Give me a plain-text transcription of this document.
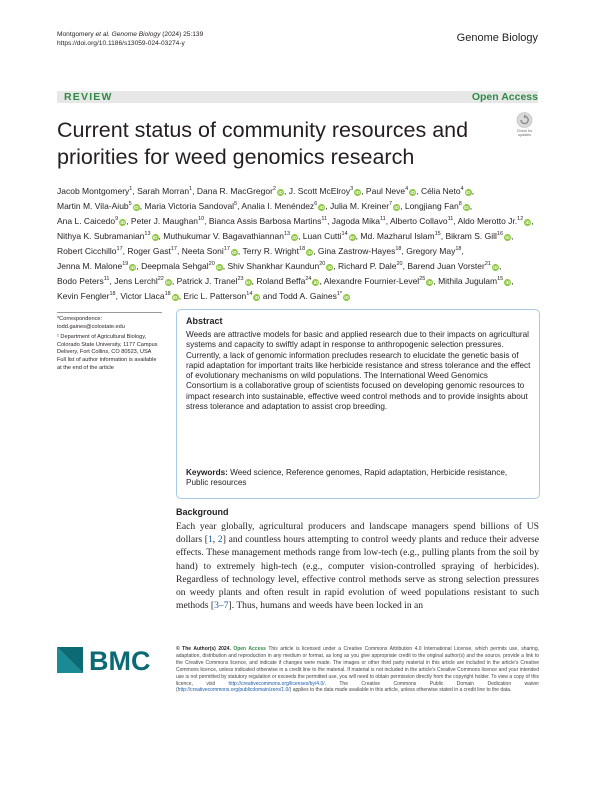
Montgomery et al. Genome Biology (2024) 25:139
https://doi.org/10.1186/s13059-024-03274-y	Genome Biology
REVIEW	Open Access
Check for
updates
Current status of community resources and priorities for weed genomics research
Jacob Montgomery$^1$, Sarah Morran$^1$, Dana R. MacGregor$^2$iD, J. Scott McElroy$^3$iD, Paul Neve$^4$iD, Célia Neto$^4$iD, Martin M. Vila-Aiub$^5$iD, Maria Victoria Sandoval$^5$, Analia I. Menéndez$^6$iD, Julia M. Kreiner$^7$iD, Longjiang Fan$^8$iD, Ana L. Caicedo$^9$iD, Peter J. Maughan$^{10}$, Bianca Assis Barbosa Martins$^{11}$, Jagoda Mika$^{11}$, Alberto Collavo$^{11}$, Aldo Merotto Jr.$^{12}$iD, Nithya K. Subramanian$^{13}$iD, Muthukumar V. Bagavathiannan$^{13}$iD, Luan Cutti$^{14}$iD, Md. Mazharul Islam$^{15}$, Bikram S. Gill$^{16}$iD, Robert Cicchillo$^{17}$, Roger Gast$^{17}$, Neeta Soni$^{17}$iD, Terry R. Wright$^{18}$iD, Gina Zastrow-Hayes$^{18}$, Gregory May$^{18}$, Jenna M. Malone$^{19}$iD, Deepmala Sehgal$^{20}$iD, Shiv Shankhar Kaundun$^{20}$iD, Richard P. Dale$^{20}$, Barend Juan Vorster$^{21}$iD, Bodo Peters$^{11}$, Jens Lerchl$^{22}$iD, Patrick J. Tranel$^{23}$iD, Roland Beffa$^{24}$iD, Alexandre Fournier-Level$^{25}$iD, Mithila Jugulam$^{15}$iD, Kevin Fengler$^{18}$, Victor Llaca$^{18}$iD, Eric L. Patterson$^{14}$iD and Todd A. Gaines$^{1*}$iD
*Correspondence:
todd.gaines@colostate.edu
¹ Department of Agricultural Biology, Colorado State University, 1177 Campus Delivery, Fort Collins, CO 80523, USA
Full list of author information is available at the end of the article
Abstract
Weeds are attractive models for basic and applied research due to their impacts on agricultural systems and capacity to swiftly adapt in response to anthropogenic selection pressures. Currently, a lack of genomic information precludes research to elucidate the genetic basis of rapid adaptation for important traits like herbicide resistance and stress tolerance and the effect of evolutionary mechanisms on wild populations. The International Weed Genomics Consortium is a collaborative group of scientists focused on developing genomic resources to impact research into sustainable, effective weed control methods and to provide insights about stress tolerance and adaptation to assist crop breeding.
Keywords: Weed science, Reference genomes, Rapid adaptation, Herbicide resistance, Public resources
Background
Each year globally, agricultural producers and landscape managers spend billions of US dollars [1, 2] and countless hours attempting to control weedy plants and reduce their adverse effects. These management methods range from low-tech (e.g., pulling plants from the soil by hand) to extremely high-tech (e.g., computer vision-controlled spraying of herbicides). Regardless of technology level, effective control methods serve as strong selection pressures on weedy plants and often result in rapid evolution of weed populations resistant to such methods [3–7]. Thus, humans and weeds have been locked in an
BMC	© The Author(s) 2024. Open Access This article is licensed under a Creative Commons Attribution 4.0 International License, which permits use, sharing, adaptation, distribution and reproduction in any medium or format, as long as you give appropriate credit to the original author(s) and the source, provide a link to the Creative Commons licence, and indicate if changes were made. The images or other third party material in this article are included in the article's Creative Commons licence, unless indicated otherwise in a credit line to the material. If material is not included in the article's Creative Commons licence and your intended use is not permitted by statutory regulation or exceeds the permitted use, you will need to obtain permission directly from the copyright holder. To view a copy of this licence, visit http://creativecommons.org/licenses/by/4.0/. The Creative Commons Public Domain Dedication waiver (http://creativecommons.org/publicdomain/zero/1.0/) applies to the data made available in this article, unless otherwise stated in a credit line to the data.
